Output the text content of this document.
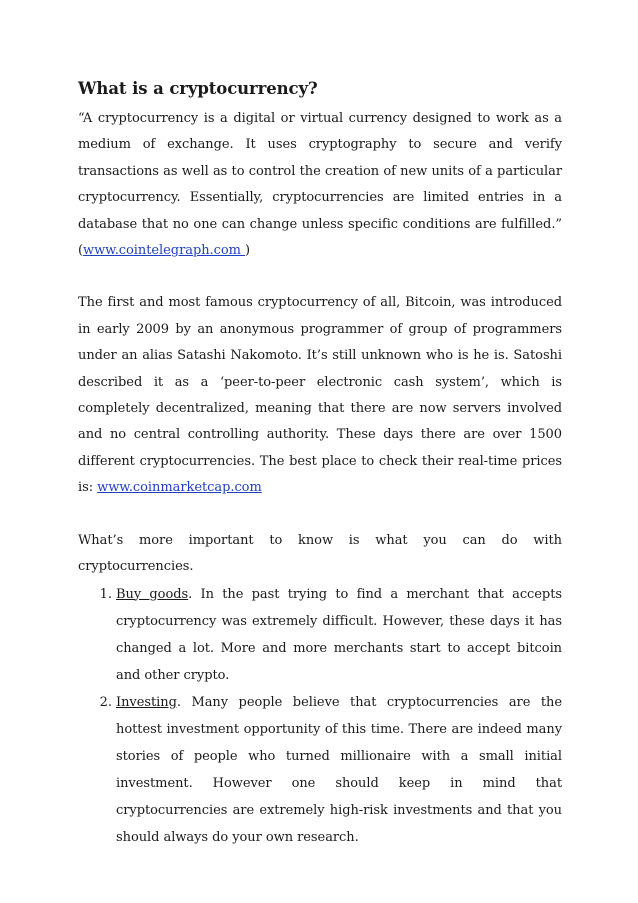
What is a cryptocurrency?

“A cryptocurrency is a digital or virtual currency designed to work as a medium of exchange. It uses cryptography to secure and verify transactions as well as to control the creation of new units of a particular cryptocurrency. Essentially, cryptocurrencies are limited entries in a database that no one can change unless specific conditions are fulfilled.” (www.cointelegraph.com )

The first and most famous cryptocurrency of all, Bitcoin, was introduced in early 2009 by an anonymous programmer of group of programmers under an alias Satashi Nakomoto. It’s still unknown who is he is. Satoshi described it as a ‘peer-to-peer electronic cash system’, which is completely decentralized, meaning that there are now servers involved and no central controlling authority. These days there are over 1500 different cryptocurrencies. The best place to check their real-time prices is: www.coinmarketcap.com

What’s more important to know is what you can do with cryptocurrencies.

1. Buy goods. In the past trying to find a merchant that accepts cryptocurrency was extremely difficult. However, these days it has changed a lot. More and more merchants start to accept bitcoin and other crypto.
2. Investing. Many people believe that cryptocurrencies are the hottest investment opportunity of this time. There are indeed many stories of people who turned millionaire with a small initial investment. However one should keep in mind that cryptocurrencies are extremely high-risk investments and that you should always do your own research.
